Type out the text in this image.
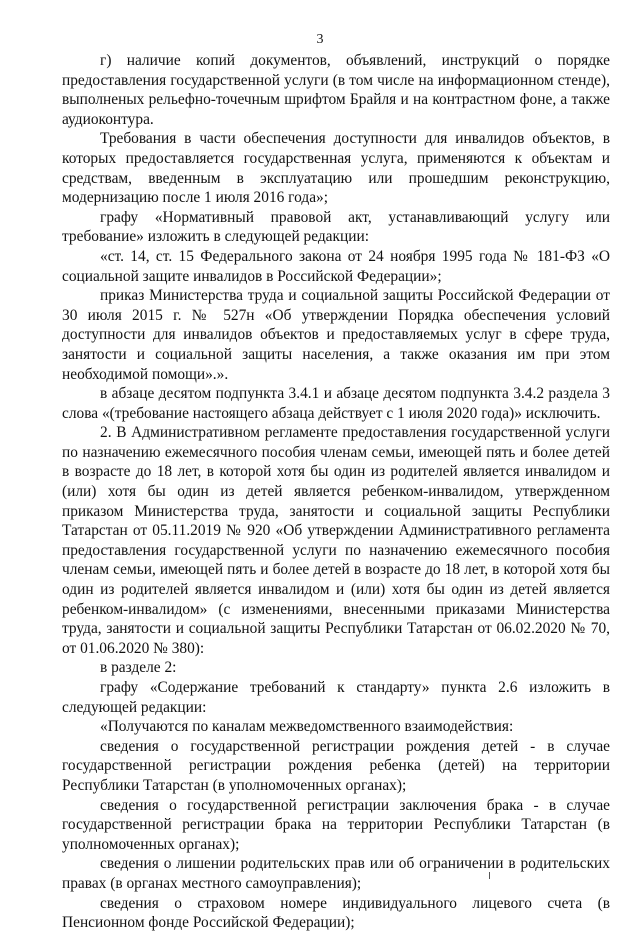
3

г) наличие копий документов, объявлений, инструкций о порядке предоставления государственной услуги (в том числе на информационном стенде), выполненых рельефно-точечным шрифтом Брайля и на контрастном фоне, а также аудиоконтура.

Требования в части обеспечения доступности для инвалидов объектов, в которых предоставляется государственная услуга, применяются к объектам и средствам, введенным в эксплуатацию или прошедшим реконструкцию, модернизацию после 1 июля 2016 года»;

графу «Нормативный правовой акт, устанавливающий услугу или требование» изложить в следующей редакции:

«ст. 14, ст. 15 Федерального закона от 24 ноября 1995 года № 181-ФЗ «О социальной защите инвалидов в Российской Федерации»;

приказ Министерства труда и социальной защиты Российской Федерации от 30 июля 2015 г. № 527н «Об утверждении Порядка обеспечения условий доступности для инвалидов объектов и предоставляемых услуг в сфере труда, занятости и социальной защиты населения, а также оказания им при этом необходимой помощи».».

в абзаце десятом подпункта 3.4.1 и абзаце десятом подпункта 3.4.2 раздела 3 слова «(требование настоящего абзаца действует с 1 июля 2020 года)» исключить.

2. В Административном регламенте предоставления государственной услуги по назначению ежемесячного пособия членам семьи, имеющей пять и более детей в возрасте до 18 лет, в которой хотя бы один из родителей является инвалидом и (или) хотя бы один из детей является ребенком-инвалидом, утвержденном приказом Министерства труда, занятости и социальной защиты Республики Татарстан от 05.11.2019 № 920 «Об утверждении Административного регламента предоставления государственной услуги по назначению ежемесячного пособия членам семьи, имеющей пять и более детей в возрасте до 18 лет, в которой хотя бы один из родителей является инвалидом и (или) хотя бы один из детей является ребенком-инвалидом» (с изменениями, внесенными приказами Министерства труда, занятости и социальной защиты Республики Татарстан от 06.02.2020 № 70, от 01.06.2020 № 380):

в разделе 2:

графу «Содержание требований к стандарту» пункта 2.6 изложить в следующей редакции:

«Получаются по каналам межведомственного взаимодействия:

сведения о государственной регистрации рождения детей - в случае государственной регистрации рождения ребенка (детей) на территории Республики Татарстан (в уполномоченных органах);

сведения о государственной регистрации заключения брака - в случае государственной регистрации брака на территории Республики Татарстан (в уполномоченных органах);

сведения о лишении родительских прав или об ограничении в родительских правах (в органах местного самоуправления);

сведения о страховом номере индивидуального лицевого счета (в Пенсионном фонде Российской Федерации);
